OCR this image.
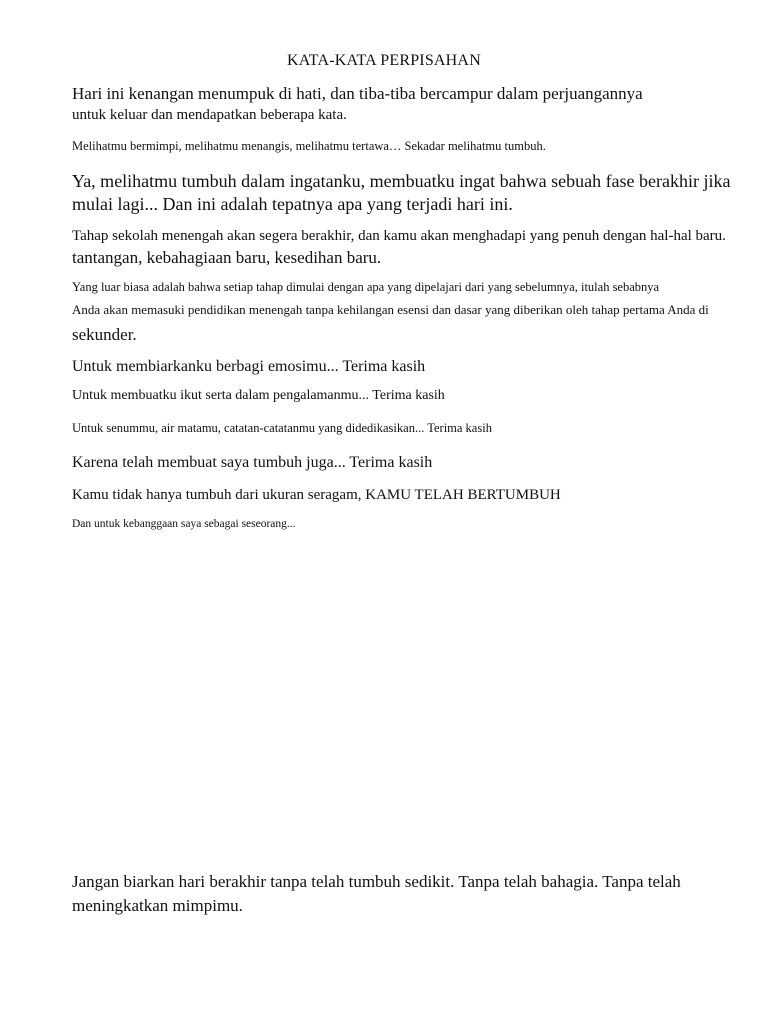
KATA-KATA PERPISAHAN
Hari ini kenangan menumpuk di hati, dan tiba-tiba bercampur dalam perjuangannya
untuk keluar dan mendapatkan beberapa kata.
Melihatmu bermimpi, melihatmu menangis, melihatmu tertawa… Sekadar melihatmu tumbuh.
Ya, melihatmu tumbuh dalam ingatanku, membuatku ingat bahwa sebuah fase berakhir jika
mulai lagi... Dan ini adalah tepatnya apa yang terjadi hari ini.
Tahap sekolah menengah akan segera berakhir, dan kamu akan menghadapi yang penuh dengan hal-hal baru.
tantangan, kebahagiaan baru, kesedihan baru.
Yang luar biasa adalah bahwa setiap tahap dimulai dengan apa yang dipelajari dari yang sebelumnya, itulah sebabnya
Anda akan memasuki pendidikan menengah tanpa kehilangan esensi dan dasar yang diberikan oleh tahap pertama Anda di
sekunder.
Untuk membiarkanku berbagi emosimu... Terima kasih
Untuk membuatku ikut serta dalam pengalamanmu... Terima kasih
Untuk senummu, air matamu, catatan-catatanmu yang didedikasikan... Terima kasih
Karena telah membuat saya tumbuh juga... Terima kasih
Kamu tidak hanya tumbuh dari ukuran seragam, KAMU TELAH BERTUMBUH
Dan untuk kebanggaan saya sebagai seseorang...
Jangan biarkan hari berakhir tanpa telah tumbuh sedikit. Tanpa telah bahagia. Tanpa telah
meningkatkan mimpimu.
